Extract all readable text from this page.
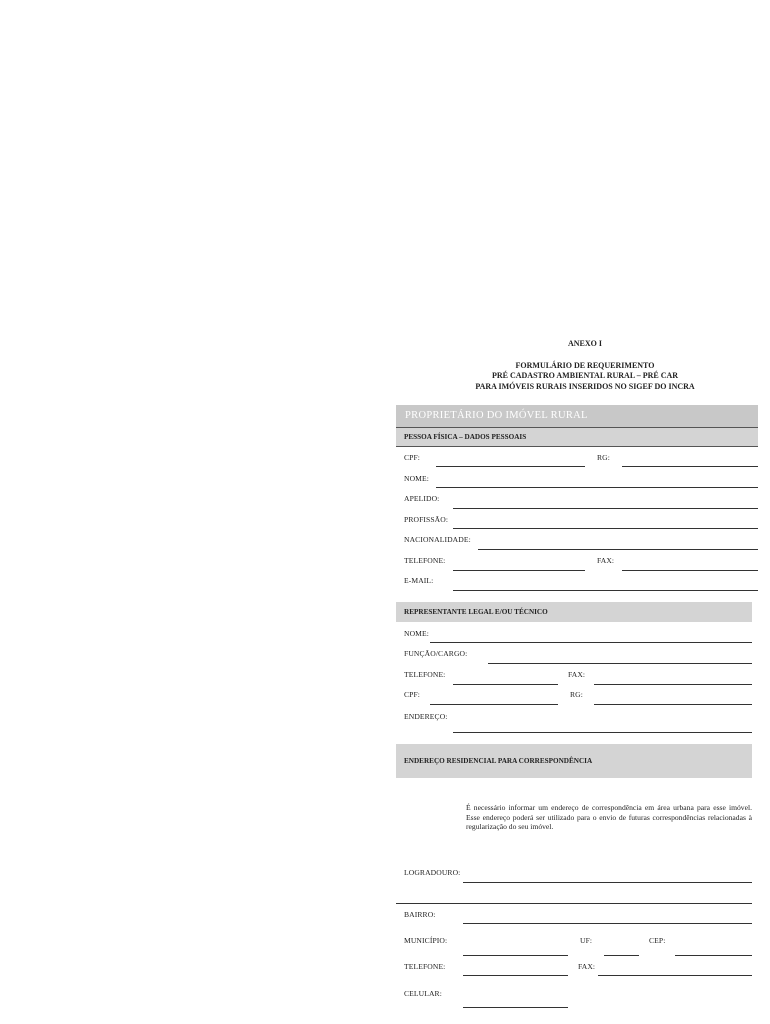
ANEXO I
FORMULÁRIO DE REQUERIMENTO
PRÉ CADASTRO AMBIENTAL RURAL – PRÉ CAR
PARA IMÓVEIS RURAIS INSERIDOS NO SIGEF DO INCRA
PROPRIETÁRIO DO IMÓVEL RURAL
PESSOA FÍSICA – DADOS PESSOAIS
CPF:	RG:
NOME:
APELIDO:
PROFISSÃO:
NACIONALIDADE:
TELEFONE:	FAX:
E-MAIL:
REPRESENTANTE LEGAL E/OU TÉCNICO
NOME:
FUNÇÃO/CARGO:
TELEFONE:	FAX:
CPF:	RG:
ENDEREÇO:
ENDEREÇO RESIDENCIAL PARA CORRESPONDÊNCIA
É necessário informar um endereço de correspondência em área urbana para esse imóvel. Esse endereço poderá ser utilizado para o envio de futuras correspondências relacionadas à regularização do seu imóvel.
LOGRADOURO:
BAIRRO:
MUNICÍPIO:	UF:	CEP:
TELEFONE:	FAX:
CELULAR:
